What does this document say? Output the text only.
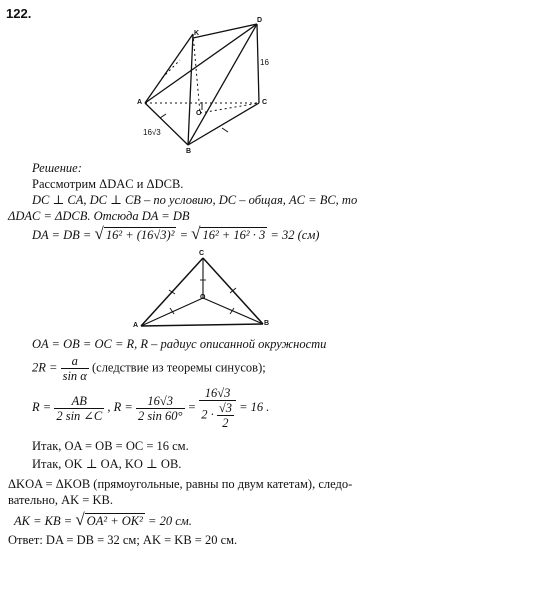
122.
K
D
A	C
O
B
16
16√3
Решение:
Рассмотрим ΔDAC и ΔDCB.
DC ⊥ CA, DC ⊥ CB – по условию, DC – общая, AC = BC, то
ΔDAC = ΔDCB. Отсюда DA = DB
DA = DB = √ 16² + (16√3)² = √ 16² + 16² · 3 = 32 (см)
C
O
A	B
OA = OB = OC = R, R – радиус описанной окружности
$2R = \frac{a}{\text{sin α}}$ (следствие из теоремы синусов);
$R = \frac{AB}{2 \sin \angle C}$ , $R = \frac{16√3}{2 \sin 60^\circ} = \frac{16√3}{2 \cdot \frac{√3}{2}} = 16$ .
Итак, OA = OB = OC = 16 см.
Итак, OK ⊥ OA, KO ⊥ OB.
ΔKOA = ΔKOB (прямоугольные, равны по двум катетам), следо-
вательно, AK = KB.
AK = KB = √ OA² + OK² = 20 см.
Ответ: DA = DB = 32 см; AK = KB = 20 см.
